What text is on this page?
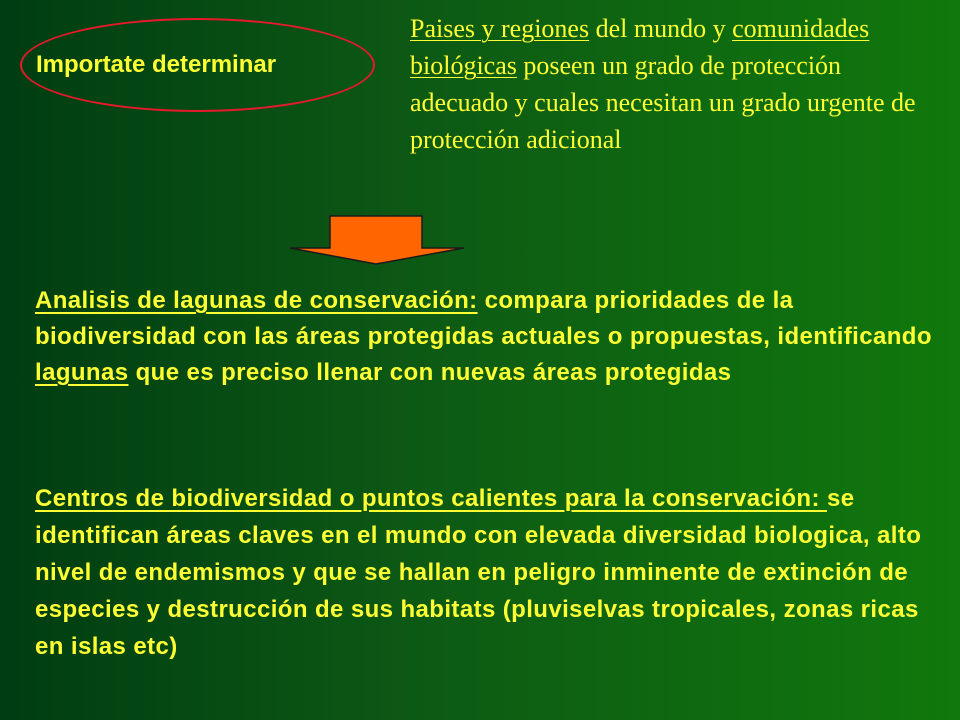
Importate determinar
Paises y regiones del mundo y comunidades biológicas poseen un grado de protección adecuado y cuales necesitan un grado urgente de protección adicional
Analisis de lagunas de conservación: compara prioridades de la biodiversidad con las áreas protegidas actuales o propuestas, identificando lagunas que es preciso llenar con nuevas áreas protegidas
Centros de biodiversidad o puntos calientes para la conservación: se identifican áreas claves en el mundo con elevada diversidad biologica, alto nivel de endemismos y que se hallan en peligro inminente de extinción de especies y destrucción de sus habitats (pluviselvas tropicales, zonas ricas en islas etc)
